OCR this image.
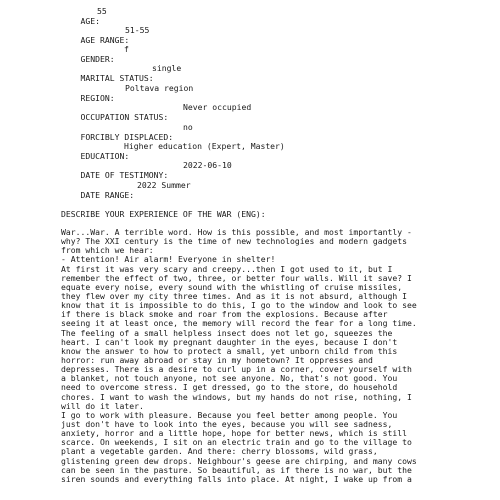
AGE:

55

AGE RANGE:

51-55

GENDER:

f

MARITAL STATUS:

single

REGION:

Poltava region

OCCUPATION STATUS:

Never occupied

FORCIBLY DISPLACED:

no

EDUCATION:

Higher education (Expert, Master)

DATE OF TESTIMONY:

2022-06-10

DATE RANGE:

2022 Summer

DESCRIBE YOUR EXPERIENCE OF THE WAR (ENG):
War...War. A terrible word. How is this possible, and most importantly -
why? The XXI century is the time of new technologies and modern gadgets
from which we hear:
- Attention! Air alarm! Everyone in shelter!
At first it was very scary and creepy...then I got used to it, but I
remember the effect of two, three, or better four walls. Will it save? I
equate every noise, every sound with the whistling of cruise missiles,
they flew over my city three times. And as it is not absurd, although I
know that it is impossible to do this, I go to the window and look to see
if there is black smoke and roar from the explosions. Because after
seeing it at least once, the memory will record the fear for a long time.
The feeling of a small helpless insect does not let go, squeezes the
heart. I can't look my pregnant daughter in the eyes, because I don't
know the answer to how to protect a small, yet unborn child from this
horror: run away abroad or stay in my hometown? It oppresses and
depresses. There is a desire to curl up in a corner, cover yourself with
a blanket, not touch anyone, not see anyone. No, that's not good. You
need to overcome stress. I get dressed, go to the store, do household
chores. I want to wash the windows, but my hands do not rise, nothing, I
will do it later.
I go to work with pleasure. Because you feel better among people. You
just don't have to look into the eyes, because you will see sadness,
anxiety, horror and a little hope, hope for better news, which is still
scarce. On weekends, I sit on an electric train and go to the village to
plant a vegetable garden. And there: cherry blossoms, wild grass,
glistening green dew drops. Neighbour's geese are chirping, and many cows
can be seen in the pasture. So beautiful, as if there is no war, but the
siren sounds and everything falls into place. At night, I wake up from a
